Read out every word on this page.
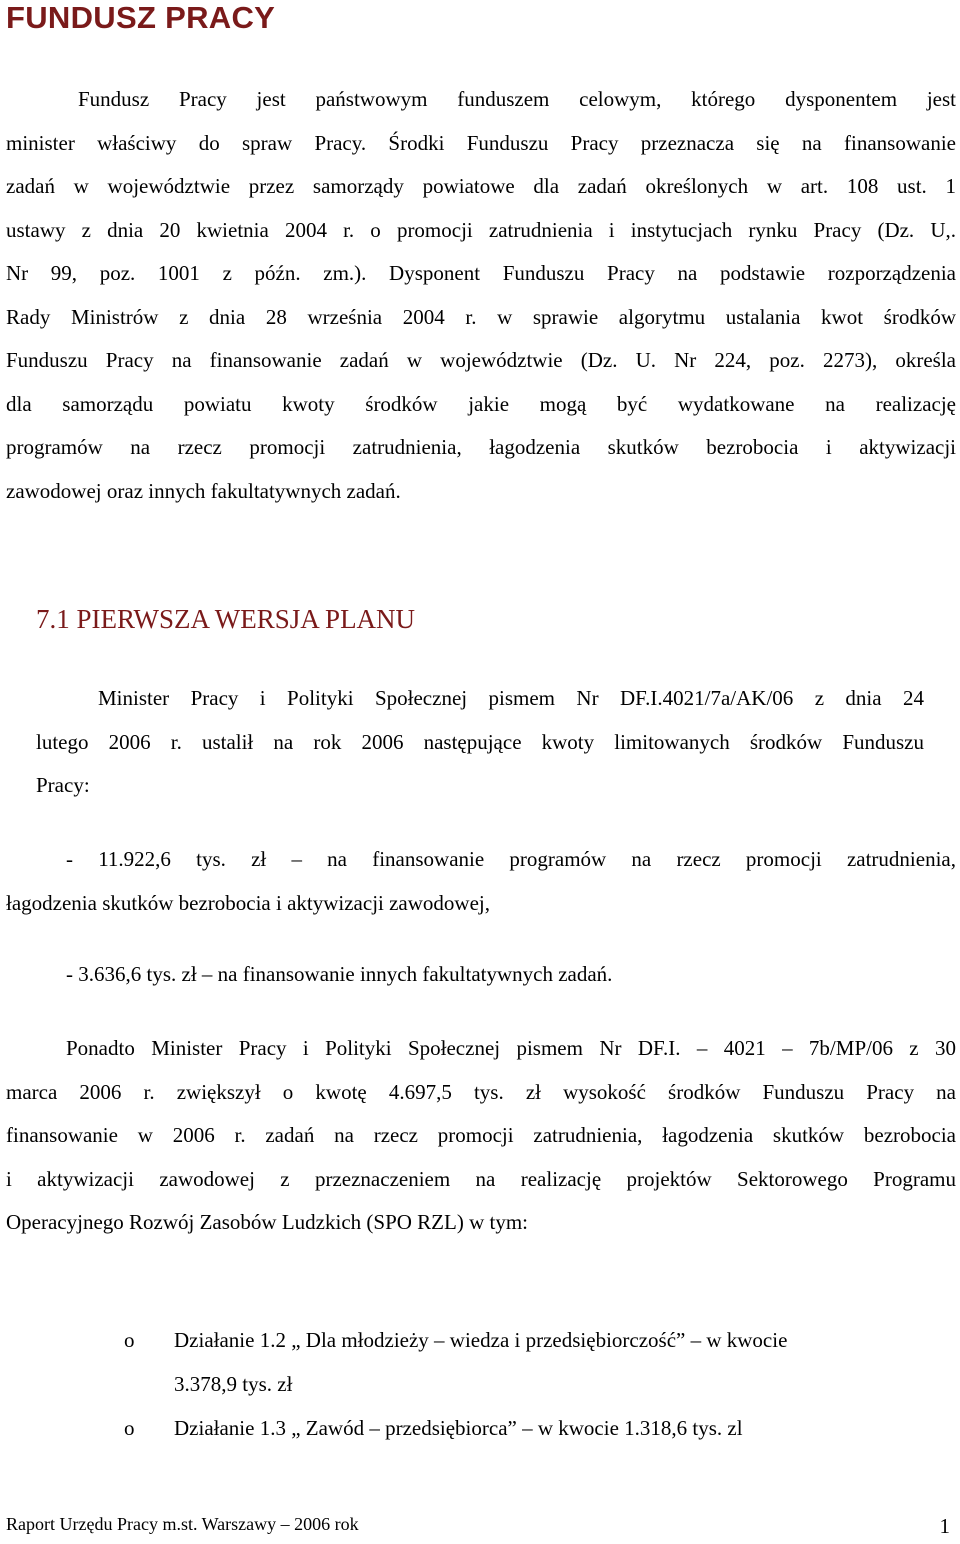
FUNDUSZ PRACY

Fundusz Pracy jest państwowym funduszem celowym, którego dysponentem jest
minister właściwy do spraw Pracy. Środki Funduszu Pracy przeznacza się na finansowanie
zadań w województwie przez samorządy powiatowe dla zadań określonych w art. 108 ust. 1
ustawy z dnia 20 kwietnia 2004 r. o promocji zatrudnienia i instytucjach rynku Pracy (Dz. U,.
Nr 99, poz. 1001 z późn. zm.). Dysponent Funduszu Pracy na podstawie rozporządzenia
Rady Ministrów z dnia 28 września 2004 r. w sprawie algorytmu ustalania kwot środków
Funduszu Pracy na finansowanie zadań w województwie (Dz. U. Nr 224, poz. 2273), określa
dla samorządu powiatu kwoty środków jakie mogą być wydatkowane na realizację
programów na rzecz promocji zatrudnienia, łagodzenia skutków bezrobocia i aktywizacji
zawodowej oraz innych fakultatywnych zadań.

7.1 PIERWSZA WERSJA PLANU

Minister Pracy i Polityki Społecznej pismem Nr DF.I.4021/7a/AK/06 z dnia 24
lutego 2006 r. ustalił na rok 2006 następujące kwoty limitowanych środków Funduszu
Pracy:

- 11.922,6 tys. zł – na finansowanie programów na rzecz promocji zatrudnienia,
łagodzenia skutków bezrobocia i aktywizacji zawodowej,

- 3.636,6 tys. zł – na finansowanie innych fakultatywnych zadań.

Ponadto Minister Pracy i Polityki Społecznej pismem Nr DF.I. – 4021 – 7b/MP/06 z 30
marca 2006 r. zwiększył o kwotę 4.697,5 tys. zł wysokość środków Funduszu Pracy na
finansowanie w 2006 r. zadań na rzecz promocji zatrudnienia, łagodzenia skutków bezrobocia
i aktywizacji zawodowej z przeznaczeniem na realizację projektów Sektorowego Programu
Operacyjnego Rozwój Zasobów Ludzkich (SPO RZL) w tym:

o Działanie 1.2 „ Dla młodzieży – wiedza i przedsiębiorczość” – w kwocie
3.378,9 tys. zł
o Działanie 1.3 „ Zawód – przedsiębiorca” – w kwocie 1.318,6 tys. zl
Raport Urzędu Pracy m.st. Warszawy – 2006 rok	1
